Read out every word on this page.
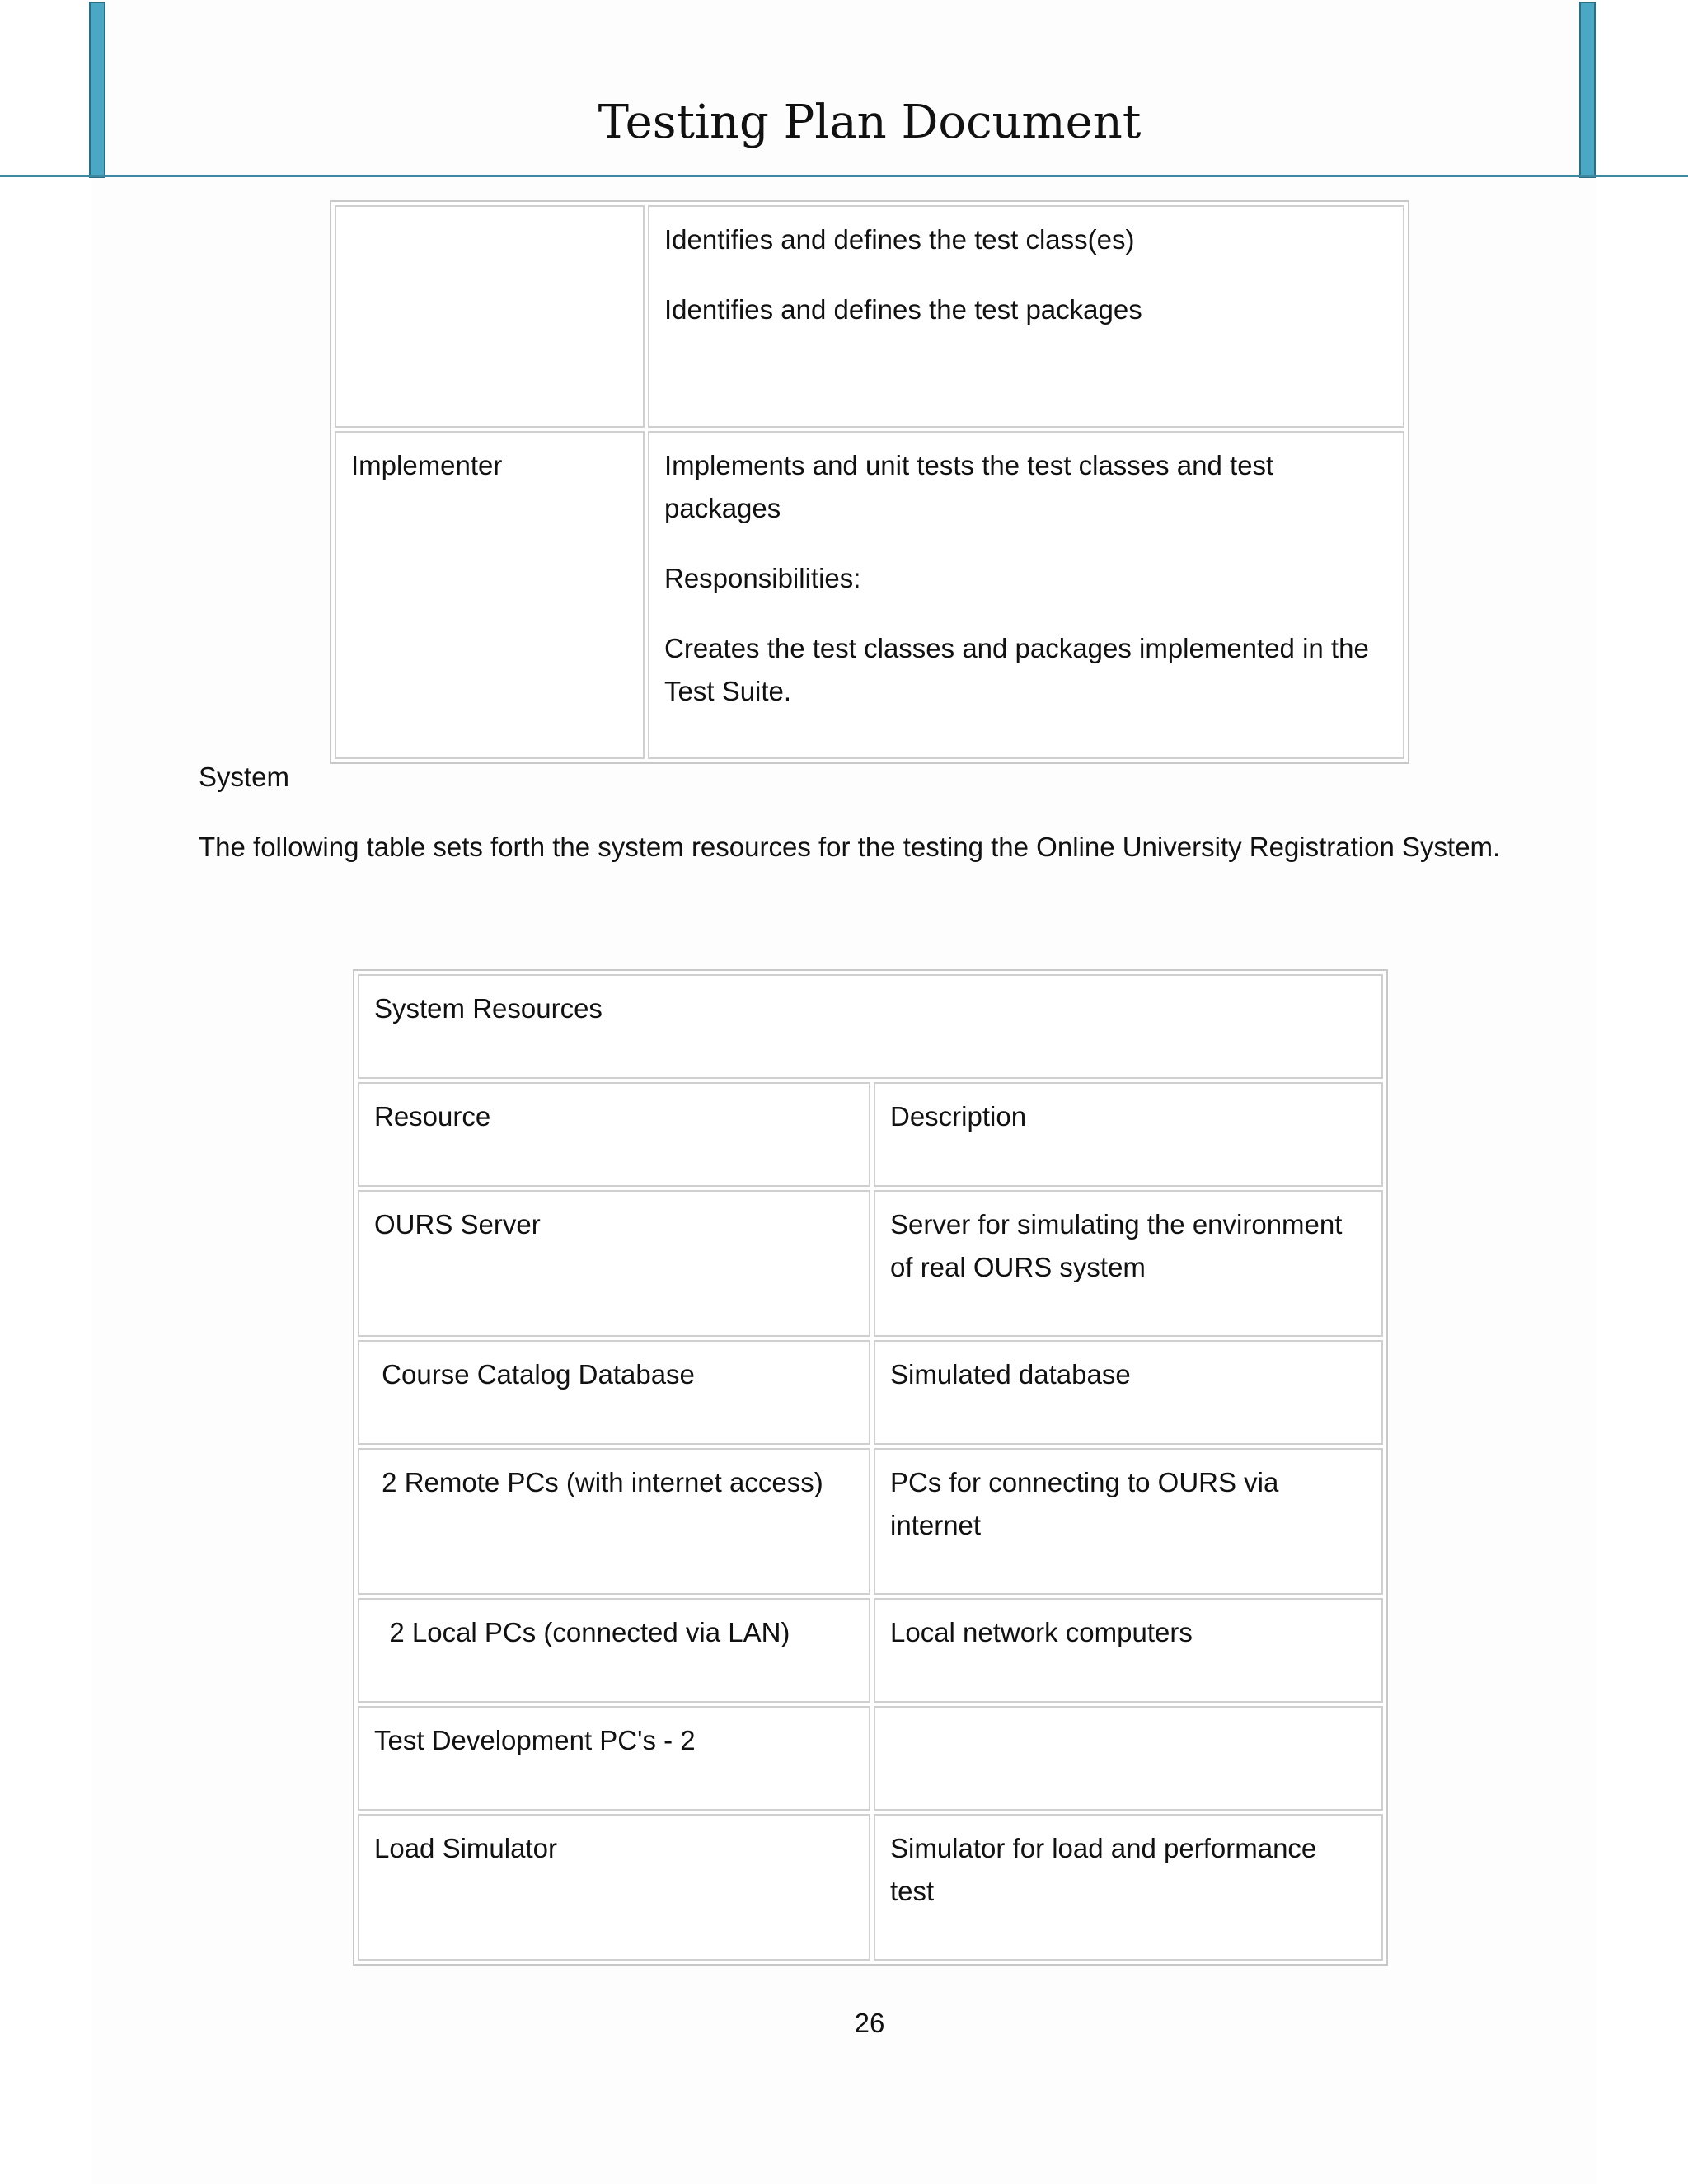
Testing Plan Document

	Identifies and defines the test class(es)

Identifies and defines the test packages

Implementer	Implements and unit tests the test classes and test packages

Responsibilities:

Creates the test classes and packages implemented in the Test Suite.

System
The following table sets forth the system resources for the testing the Online University Registration System.
System Resources	
Resource	Description
OURS Server	Server for simulating the environment of real OURS system
Course Catalog Database	Simulated database
2 Remote PCs (with internet access)	PCs for connecting to OURS via internet
2 Local PCs (connected via LAN)	Local network computers
Test Development PC's - 2	
Load Simulator	Simulator for load and performance test
26
